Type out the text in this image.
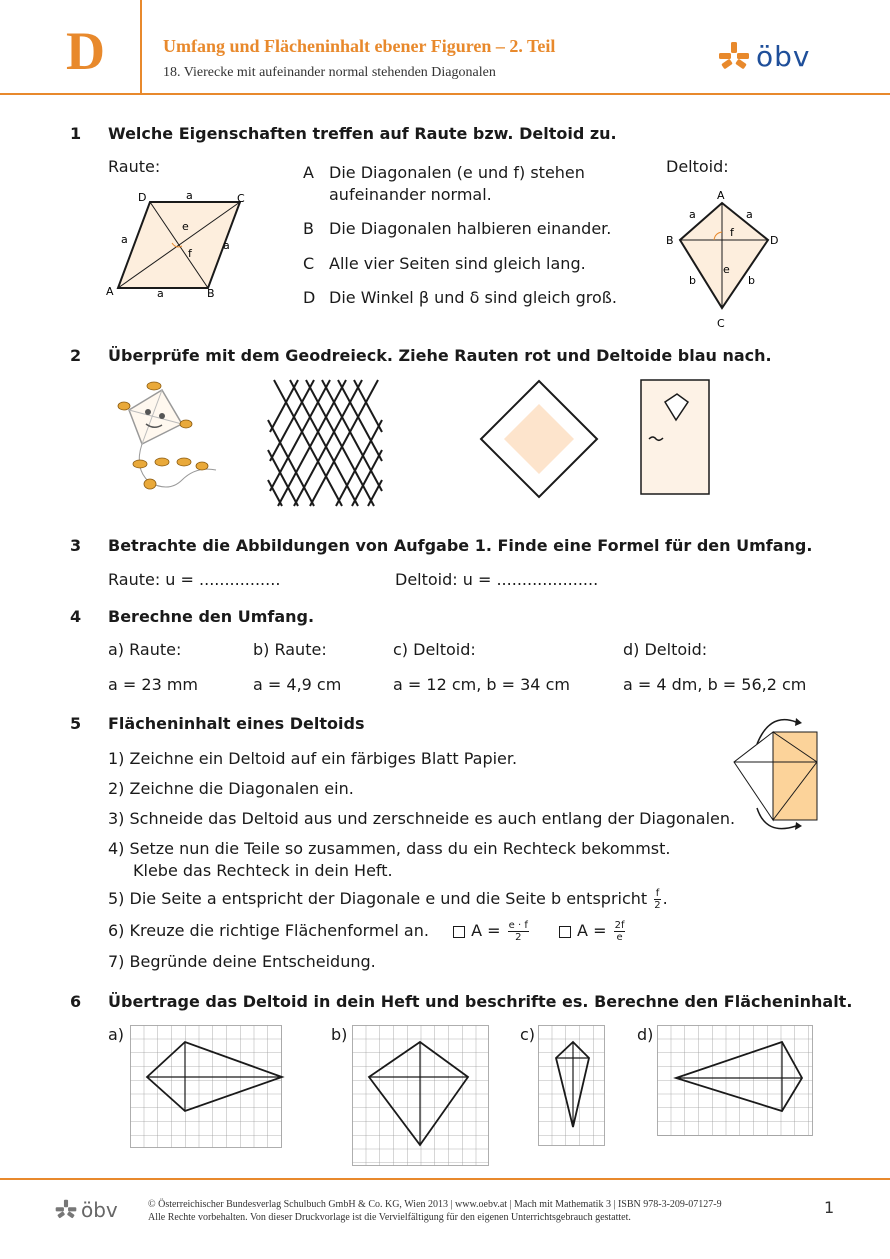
D	Umfang und Flächeninhalt ebener Figuren – 2. Teil
18. Vierecke mit aufeinander normal stehenden Diagonalen	öbv
1 Welche Eigenschaften treffen auf Raute bzw. Deltoid zu.
Raute:	Deltoid:
A	B
C
D	a
a	a
a
e
f
A Die Diagonalen (e und f) stehen
aufeinander normal.
B Die Diagonalen halbieren einander.
C Alle vier Seiten sind gleich lang.
D Die Winkel β und δ sind gleich groß.
A
B
C
D
a	a
b	b
e
f
2 Überprüfe mit dem Geodreieck. Ziehe Rauten rot und Deltoide blau nach.
3 Betrachte die Abbildungen von Aufgabe 1. Finde eine Formel für den Umfang.
Raute: u = ................	Deltoid: u = ....................
4 Berechne den Umfang.
a) Raute:	b) Raute:	c) Deltoid:	d) Deltoid:
a = 23 mm	a = 4,9 cm	a = 12 cm, b = 34 cm	a = 4 dm, b = 56,2 cm
5 Flächeninhalt eines Deltoids
1) Zeichne ein Deltoid auf ein färbiges Blatt Papier.
2) Zeichne die Diagonalen ein.
3) Schneide das Deltoid aus und zerschneide es auch entlang der Diagonalen.
4) Setze nun die Teile so zusammen, dass du ein Rechteck bekommst.
Klebe das Rechteck in dein Heft.
5) Die Seite a entspricht der Diagonale e und die Seite b entspricht $\frac{f}{2}$ .
6) Kreuze die richtige Flächenformel an.	$A = \frac{e \cdot f}{2}$	$A = \frac{2f}{e}$
7) Begründe deine Entscheidung.
6 Übertrage das Deltoid in dein Heft und beschrifte es. Berechne den Flächeninhalt.
a)	b)	c)	d)
öbv	© Österreichischer Bundesverlag Schulbuch GmbH & Co. KG, Wien 2013 | www.oebv.at | Mach mit Mathematik 3 | ISBN 978-3-209-07127-9
Alle Rechte vorbehalten. Von dieser Druckvorlage ist die Vervielfältigung für den eigenen Unterrichtsgebrauch gestattet.
1
